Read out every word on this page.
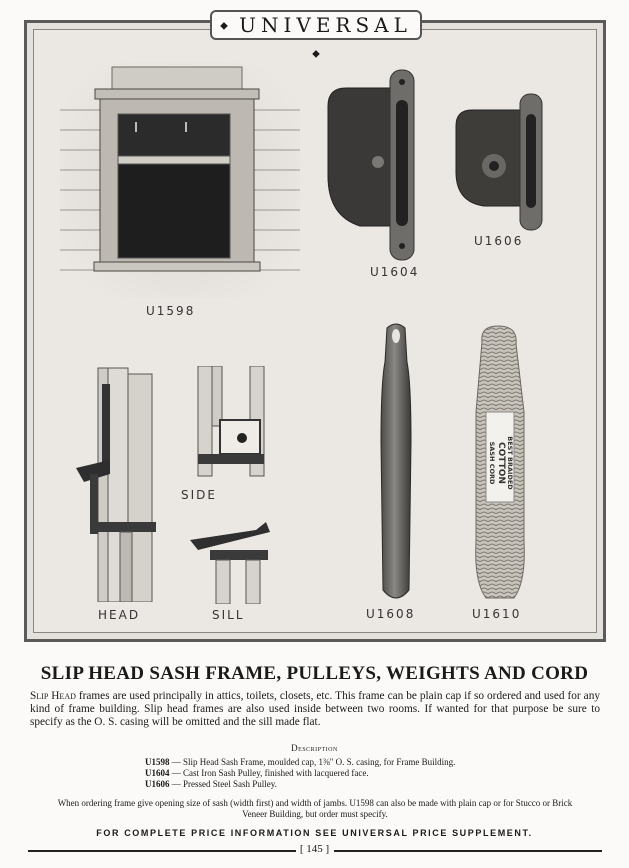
◆ UNIVERSAL ◆
U1598
U1604
U1606
HEAD
SIDE
SILL	U1608
BEST BRAIDED
COTTON
SASH CORD
U1610
SLIP HEAD SASH FRAME, PULLEYS, WEIGHTS AND CORD
Slip Head frames are used principally in attics, toilets, closets, etc. This frame can be plain cap if so ordered and used for any kind of frame building. Slip head frames are also used inside between two rooms. If wanted for that purpose be sure to specify as the O. S. casing will be omitted and the sill made flat.
Description
U1598 — Slip Head Sash Frame, moulded cap, 1⅜" O. S. casing, for Frame Building.
U1604 — Cast Iron Sash Pulley, finished with lacquered face.
U1606 — Pressed Steel Sash Pulley.
When ordering frame give opening size of sash (width first) and width of jambs. U1598 can also be made with plain cap or for Stucco or Brick Veneer Building, but order must specify.
FOR COMPLETE PRICE INFORMATION SEE UNIVERSAL PRICE SUPPLEMENT.
[ 145 ]
